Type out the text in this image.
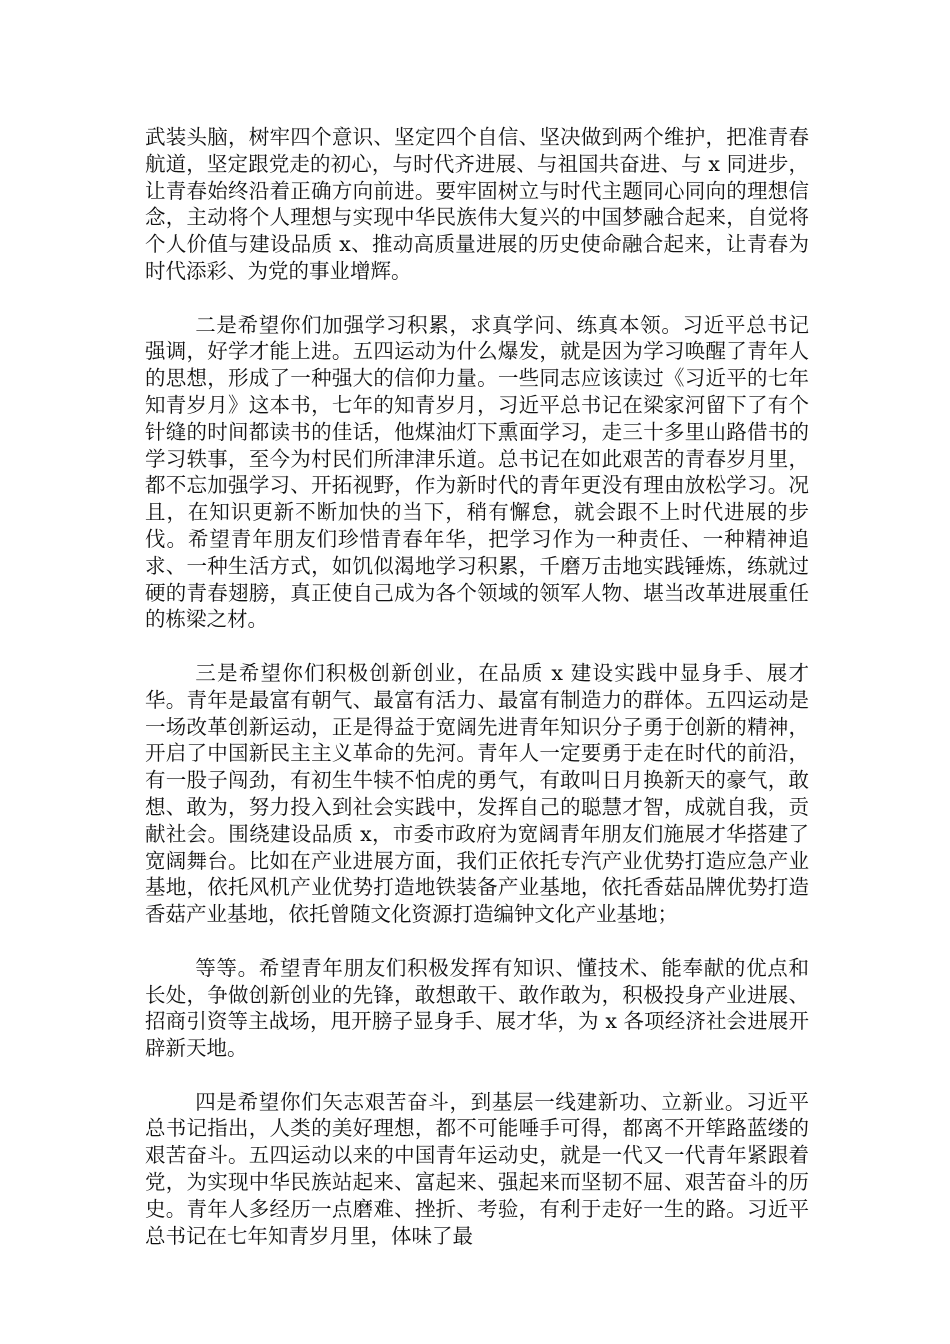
武装头脑，树牢四个意识、坚定四个自信、坚决做到两个维护，把准青春航道，坚定跟党走的初心，与时代齐进展、与祖国共奋进、与 x 同进步，让青春始终沿着正确方向前进。要牢固树立与时代主题同心同向的理想信念，主动将个人理想与实现中华民族伟大复兴的中国梦融合起来，自觉将个人价值与建设品质 x、推动高质量进展的历史使命融合起来，让青春为时代添彩、为党的事业增辉。

二是希望你们加强学习积累，求真学问、练真本领。习近平总书记强调，好学才能上进。五四运动为什么爆发，就是因为学习唤醒了青年人的思想，形成了一种强大的信仰力量。一些同志应该读过《习近平的七年知青岁月》这本书，七年的知青岁月，习近平总书记在梁家河留下了有个针缝的时间都读书的佳话，他煤油灯下熏面学习，走三十多里山路借书的学习轶事，至今为村民们所津津乐道。总书记在如此艰苦的青春岁月里，都不忘加强学习、开拓视野，作为新时代的青年更没有理由放松学习。况且，在知识更新不断加快的当下，稍有懈怠，就会跟不上时代进展的步伐。希望青年朋友们珍惜青春年华，把学习作为一种责任、一种精神追求、一种生活方式，如饥似渴地学习积累，千磨万击地实践锤炼，练就过硬的青春翅膀，真正使自己成为各个领域的领军人物、堪当改革进展重任的栋梁之材。

三是希望你们积极创新创业，在品质 x 建设实践中显身手、展才华。青年是最富有朝气、最富有活力、最富有制造力的群体。五四运动是一场改革创新运动，正是得益于宽阔先进青年知识分子勇于创新的精神，开启了中国新民主主义革命的先河。青年人一定要勇于走在时代的前沿，有一股子闯劲，有初生牛犊不怕虎的勇气，有敢叫日月换新天的豪气，敢想、敢为，努力投入到社会实践中，发挥自己的聪慧才智，成就自我，贡献社会。围绕建设品质 x，市委市政府为宽阔青年朋友们施展才华搭建了宽阔舞台。比如在产业进展方面，我们正依托专汽产业优势打造应急产业基地，依托风机产业优势打造地铁装备产业基地，依托香菇品牌优势打造香菇产业基地，依托曾随文化资源打造编钟文化产业基地；

等等。希望青年朋友们积极发挥有知识、懂技术、能奉献的优点和长处，争做创新创业的先锋，敢想敢干、敢作敢为，积极投身产业进展、招商引资等主战场，甩开膀子显身手、展才华，为 x 各项经济社会进展开辟新天地。

四是希望你们矢志艰苦奋斗，到基层一线建新功、立新业。习近平总书记指出，人类的美好理想，都不可能唾手可得，都离不开筚路蓝缕的艰苦奋斗。五四运动以来的中国青年运动史，就是一代又一代青年紧跟着党，为实现中华民族站起来、富起来、强起来而坚韧不屈、艰苦奋斗的历史。青年人多经历一点磨难、挫折、考验，有利于走好一生的路。习近平总书记在七年知青岁月里，体味了最
